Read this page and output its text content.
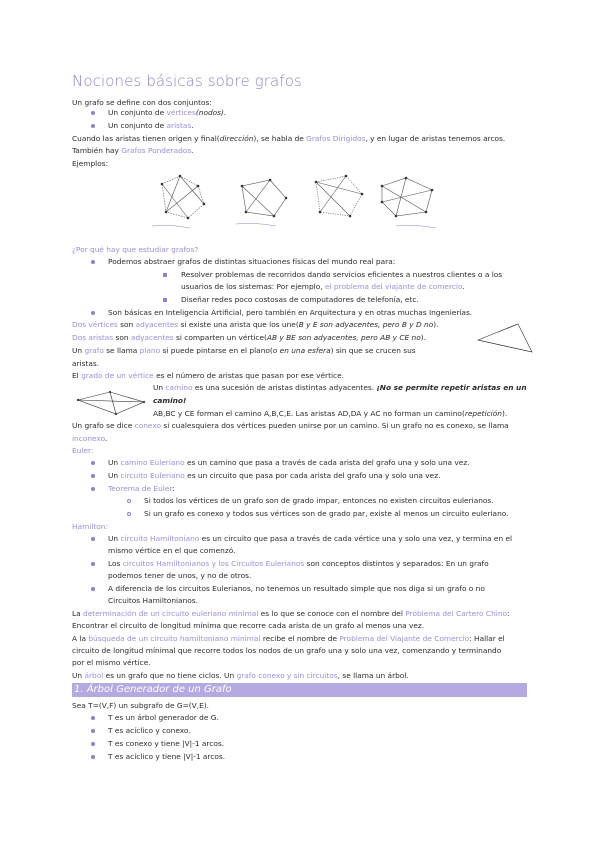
Nociones básicas sobre grafos
Un grafo se define con dos conjuntos:
Un conjunto de vértices(nodos).
Un conjunto de aristas.
Cuando las aristas tienen origen y final(dirección), se habla de Grafos Dirigidos, y en lugar de aristas tenemos arcos.
También hay Grafos Ponderados.
Ejemplos:
¿Por qué hay que estudiar grafos?
Podemos abstraer grafos de distintas situaciones físicas del mundo real para:
Resolver problemas de recorridos dando servicios eficientes a nuestros clientes o a los
usuarios de los sistemas: Por ejemplo, el problema del viajante de comercio.
Diseñar redes poco costosas de computadores de telefonía, etc.
Son básicas en Inteligencia Artificial, pero también en Arquitectura y en otras muchas Ingenierías.
Dos vértices son adyacentes si existe una arista que los une(B y E son adyacentes, pero B y D no).
Dos aristas son adyacentes si comparten un vértice(AB y BE son adyacentes, pero AB y CE no).
Un grafo se llama plano si puede pintarse en el plano(o en una esfera) sin que se crucen sus
aristas.
El grado de un vértice es el número de aristas que pasan por ese vértice.
Un camino es una sucesión de aristas distintas adyacentes. ¡No se permite repetir aristas en un
camino!
AB,BC y CE forman el camino A,B,C,E. Las aristas AD,DA y AC no forman un camino(repetición).
Un grafo se dice conexo si cualesquiera dos vértices pueden unirse por un camino. Si un grafo no es conexo, se llama
inconexo.
Euler:
Un camino Euleriano es un camino que pasa a través de cada arista del grafo una y solo una vez.
Un circuito Euleriano es un circuito que pasa por cada arista del grafo una y solo una vez.
Teorema de Euler:
Si todos los vértices de un grafo son de grado impar, entonces no existen circuitos eulerianos.
Si un grafo es conexo y todos sus vértices son de grado par, existe al menos un circuito euleriano.
Hamilton:
Un circuito Hamiltoniano es un circuito que pasa a través de cada vértice una y solo una vez, y termina en el
mismo vértice en el que comenzó.
Los circuitos Hamiltonianos y los Circuitos Eulerianos son conceptos distintos y separados: En un grafo
podemos tener de unos, y no de otros.
A diferencia de los circuitos Eulerianos, no tenemos un resultado simple que nos diga si un grafo o no
Circuitos Hamiltonianos.
La determinación de un circuito euleriano minimal es lo que se conoce con el nombre del Problema del Cartero Chino:
Encontrar el circuito de longitud mínima que recorre cada arista de un grafo al menos una vez.
A la búsqueda de un circuito hamiltoniano minimal recibe el nombre de Problema del Viajante de Comercio: Hallar el
circuito de longitud mínimal que recorre todos los nodos de un grafo una y solo una vez, comenzando y terminando
por el mismo vértice.
Un árbol es un grafo que no tiene ciclos. Un grafo conexo y sin circuitos, se llama un árbol.
1. Árbol Generador de un Grafo
Sea T=(V,F) un subgrafo de G=(V,E).
T es un árbol generador de G.
T es acíclico y conexo.
T es conexo y tiene |V|-1 arcos.
T es acíclico y tiene |V|-1 arcos.
